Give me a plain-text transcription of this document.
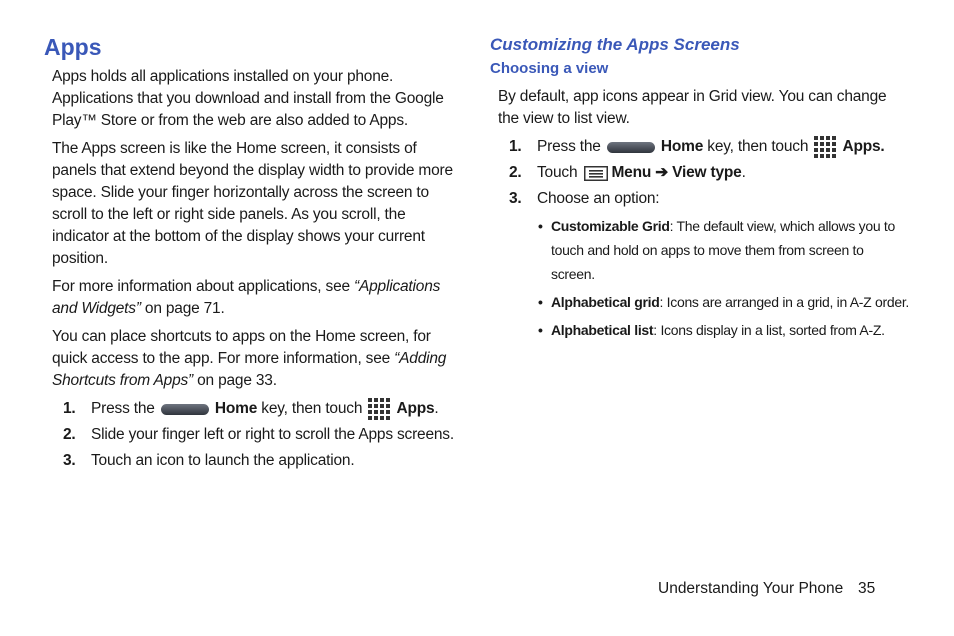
Apps

Apps holds all applications installed on your phone. Applications that you download and install from the Google Play™ Store or from the web are also added to Apps.

The Apps screen is like the Home screen, it consists of panels that extend beyond the display width to provide more space. Slide your finger horizontally across the screen to scroll to the left or right side panels. As you scroll, the indicator at the bottom of the display shows your current position.

For more information about applications, see “Applications and Widgets” on page 71.

You can place shortcuts to apps on the Home screen, for quick access to the app. For more information, see “Adding Shortcuts from Apps” on page 33.

1. Press the	Home key, then touch  Apps.
2. Slide your finger left or right to scroll the Apps screens.
3. Touch an icon to launch the application.
Customizing the Apps Screens
Choosing a view

By default, app icons appear in Grid view. You can change the view to list view.

1. Press the	Home key, then touch  Apps.
2. Touch Menu ➔ View type.
3. Choose an option:
• Customizable Grid: The default view, which allows you to touch and hold on apps to move them from screen to screen.
• Alphabetical grid: Icons are arranged in a grid, in A-Z order.
• Alphabetical list: Icons display in a list, sorted from A-Z.
Understanding Your Phone 35
